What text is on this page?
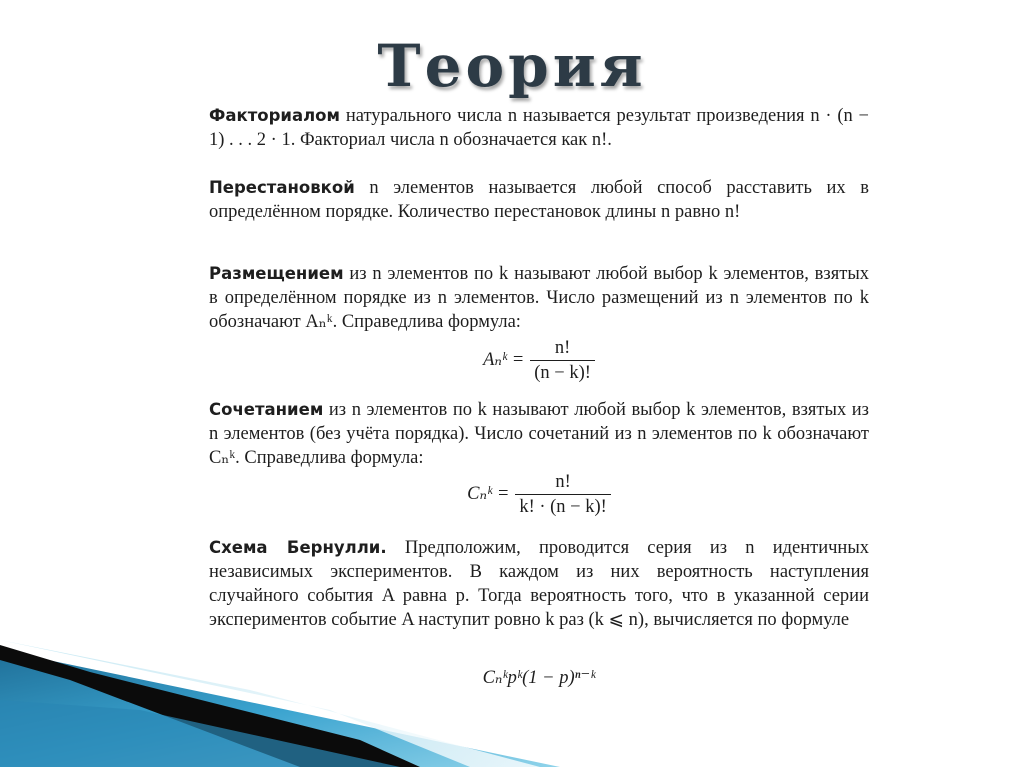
Теория
Факториалом натурального числа n называется результат произведения n · (n − 1) . . . 2 · 1. Факториал числа n обозначается как n!.
Перестановкой n элементов называется любой способ расставить их в определённом порядке. Количество перестановок длины n равно n!
Размещением из n элементов по k называют любой выбор k элементов, взятых в определённом порядке из n элементов. Число размещений из n элементов по k обозначают Aₙᵏ. Справедлива формула:
Aₙᵏ = $\frac{n!}{(n - k)!}$
Сочетанием из n элементов по k называют любой выбор k элементов, взятых из n элементов (без учёта порядка). Число сочетаний из n элементов по k обозначают Cₙᵏ. Справедлива формула:
Cₙᵏ = $\frac{n!}{k! \cdot (n - k)!}$
Схема Бернулли. Предположим, проводится серия из n идентичных независимых экспериментов. В каждом из них вероятность наступления случайного события A равна p. Тогда вероятность того, что в указанной серии экспериментов событие A наступит ровно k раз (k ⩽ n), вычисляется по формуле
Cₙᵏpᵏ(1 − p)ⁿ⁻ᵏ
